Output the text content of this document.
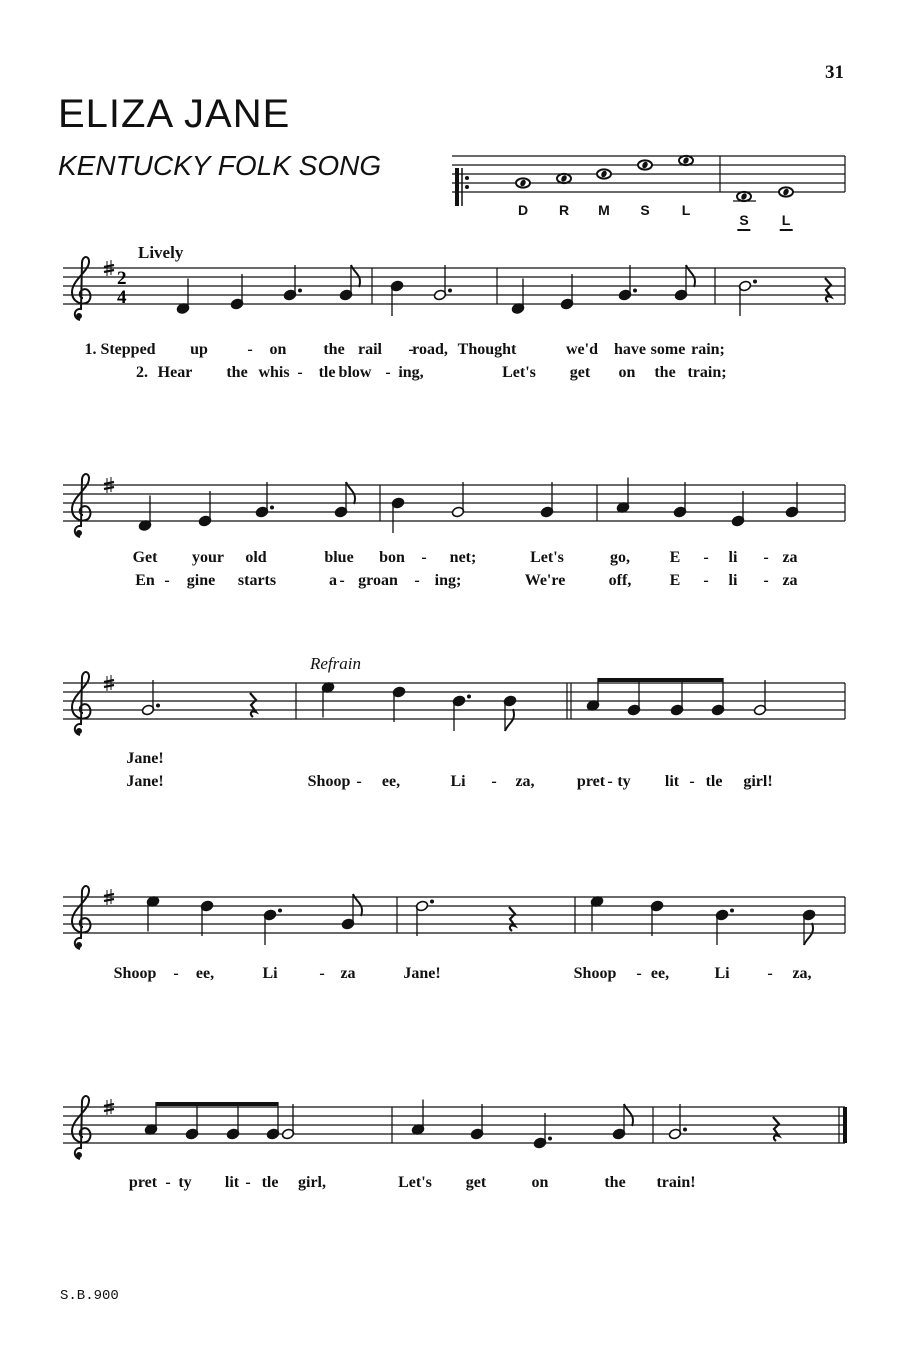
31
ELIZA JANE
KENTUCKY FOLK SONG
Lively
Refrain
2
4
D R M S L
S L
1. Stepped up - on the rail -
road, Thought	we'd have some rain;
2. Hear the whis - tle blow - ing,	Let's get on the train;
Get your old	blue bon - net;	Let's	go, E - li - za
En - gine starts	a - groan - ing;	We're	off, E - li - za
Jane!
Jane!	Shoop - ee,	Li - za,	pret - ty lit - tle girl!
Shoop - ee,	Li	- za	Jane!	Shoop - ee,	Li - za,
pret - ty lit - tle girl,	Let's get	on	the train!
S.B.900
